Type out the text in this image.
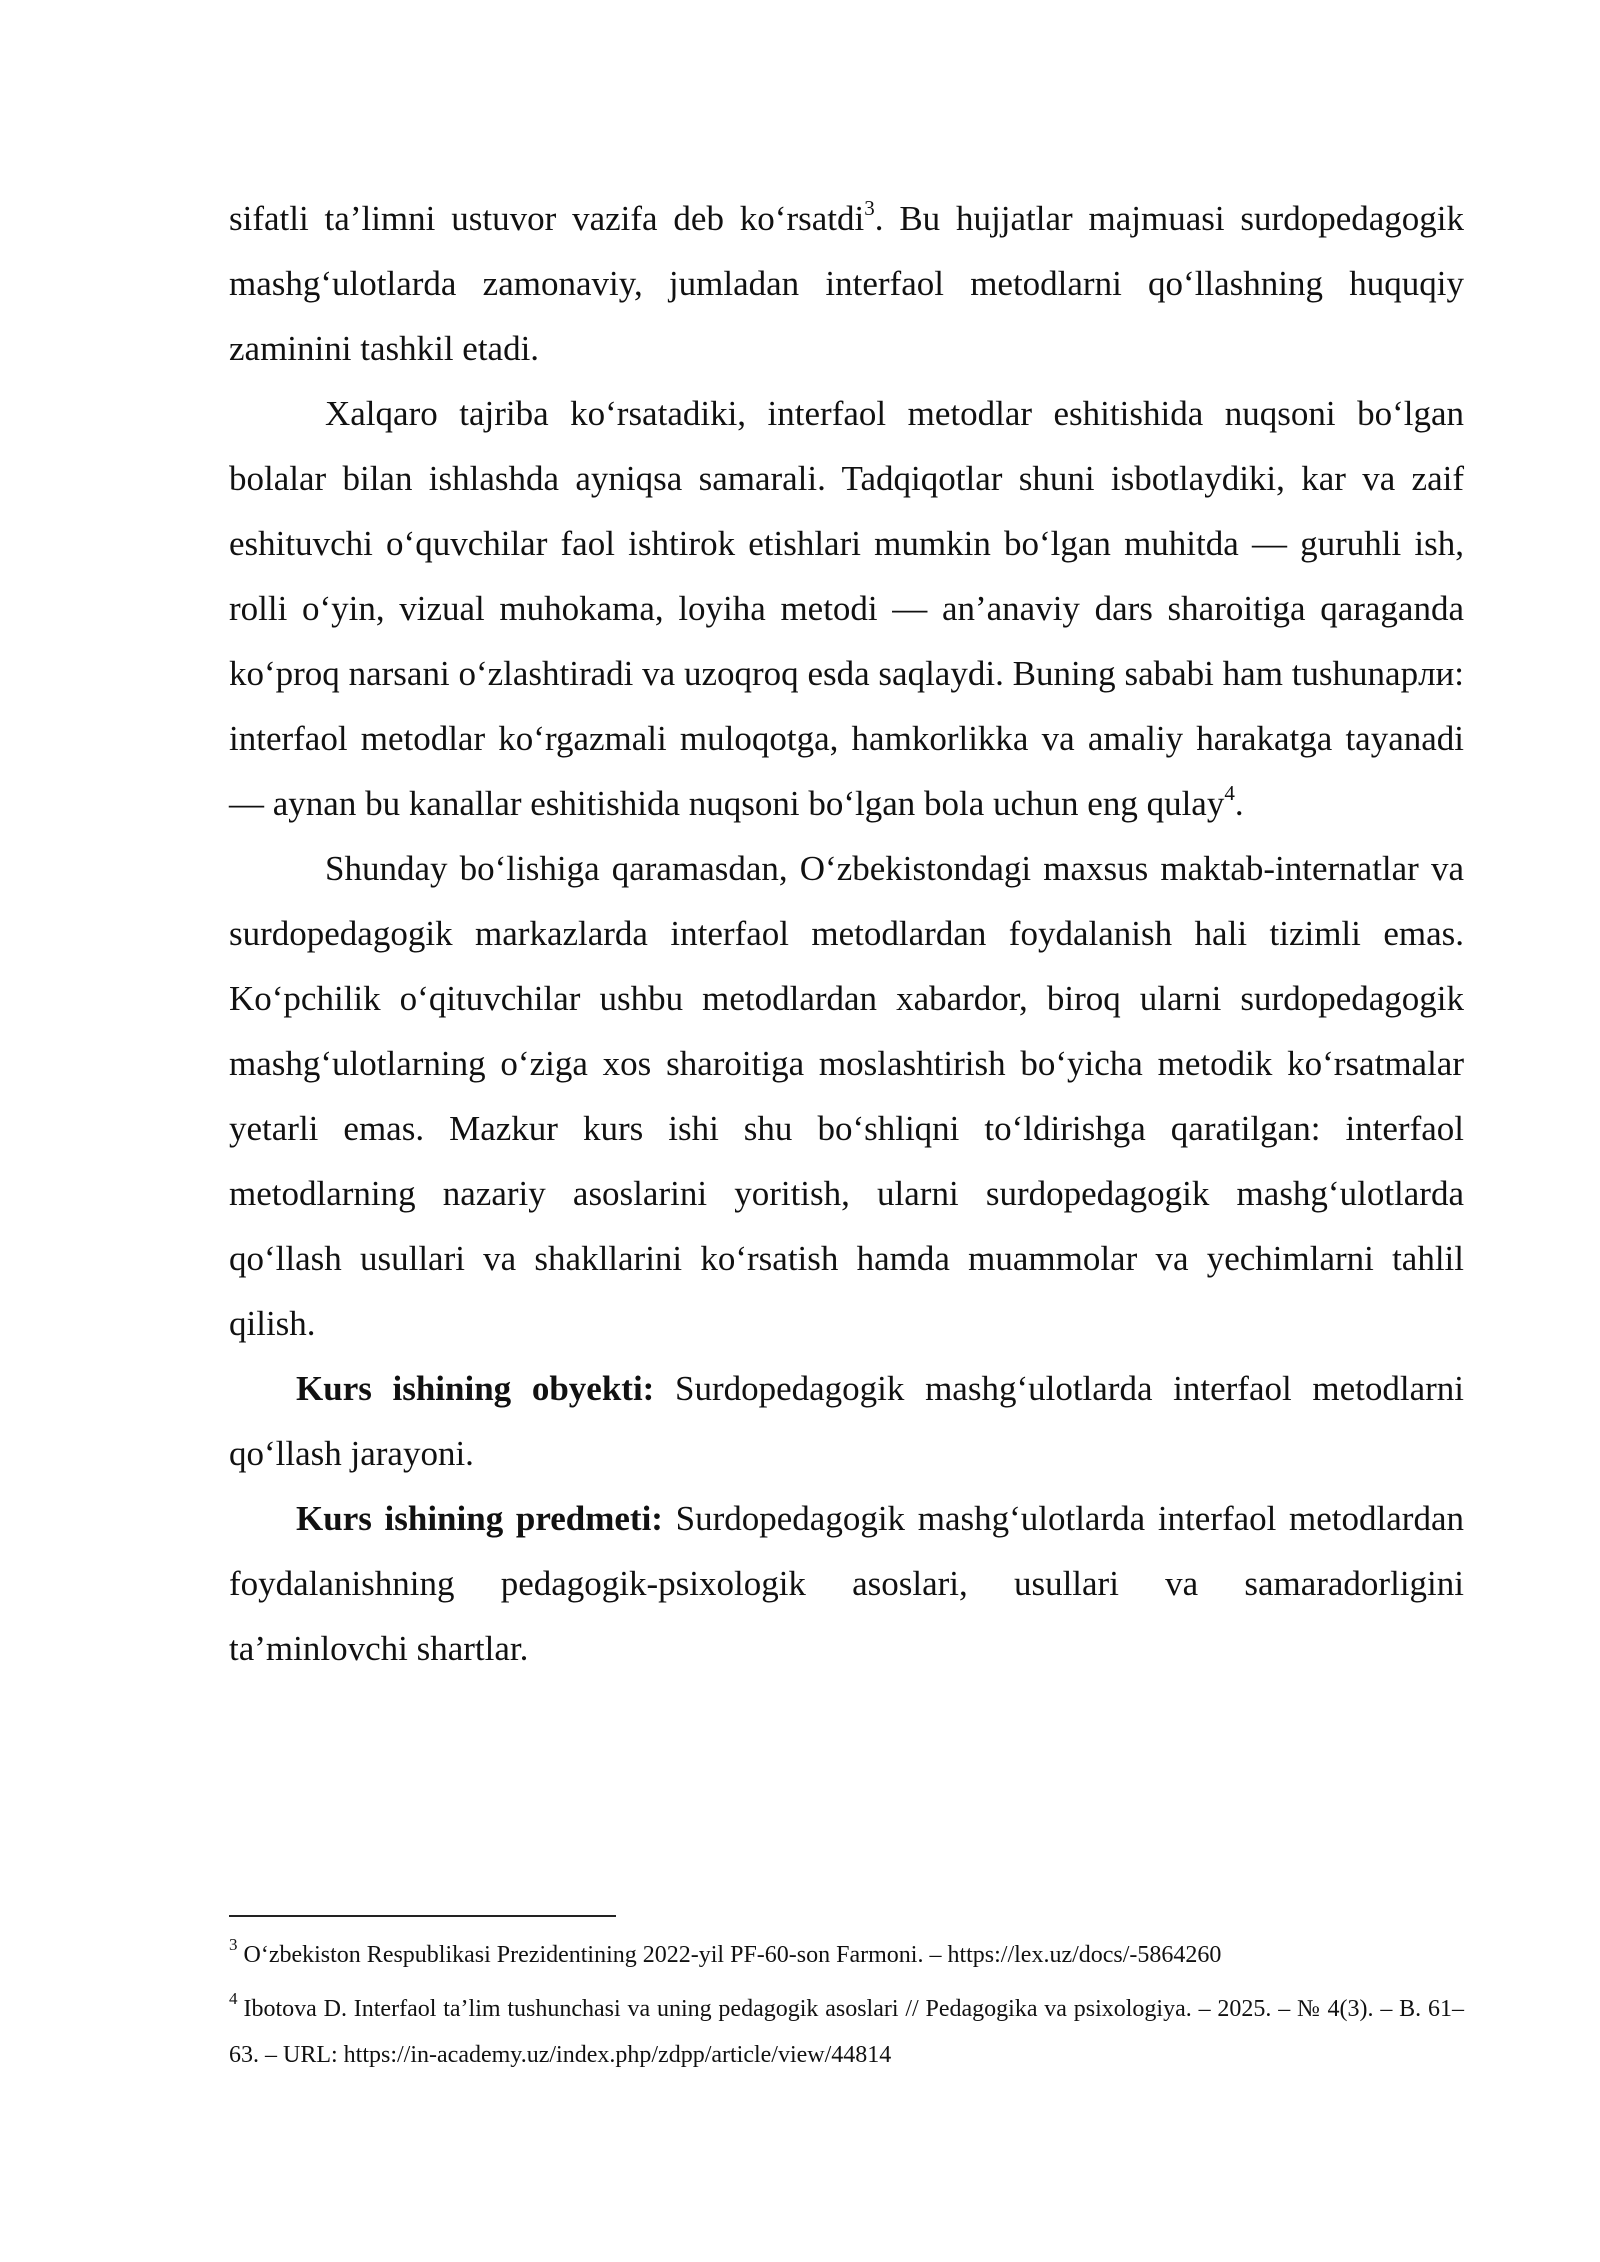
sifatli ta’limni ustuvor vazifa deb ko‘rsatdi$^3$. Bu hujjatlar majmuasi surdopedagogik mashg‘ulotlarda zamonaviy, jumladan interfaol metodlarni qo‘llashning huquqiy zaminini tashkil etadi.

Xalqaro tajriba ko‘rsatadiki, interfaol metodlar eshitishida nuqsoni bo‘lgan bolalar bilan ishlashda ayniqsa samarali. Tadqiqotlar shuni isbotlaydiki, kar va zaif eshituvchi o‘quvchilar faol ishtirok etishlari mumkin bo‘lgan muhitda — guruhli ish, rolli o‘yin, vizual muhokama, loyiha metodi — an’anaviy dars sharoitiga qaraganda ko‘proq narsani o‘zlashtiradi va uzoqroq esda saqlaydi. Buning sababi ham tushunapли: interfaol metodlar ko‘rgazmali muloqotga, hamkorlikka va amaliy harakatga tayanadi — aynan bu kanallar eshitishida nuqsoni bo‘lgan bola uchun eng qulay$^4$.

Shunday bo‘lishiga qaramasdan, O‘zbekistondagi maxsus maktab-internatlar va surdopedagogik markazlarda interfaol metodlardan foydalanish hali tizimli emas. Ko‘pchilik o‘qituvchilar ushbu metodlardan xabardor, biroq ularni surdopedagogik mashg‘ulotlarning o‘ziga xos sharoitiga moslashtirish bo‘yicha metodik ko‘rsatmalar yetarli emas. Mazkur kurs ishi shu bo‘shliqni to‘ldirishga qaratilgan: interfaol metodlarning nazariy asoslarini yoritish, ularni surdopedagogik mashg‘ulotlarda qo‘llash usullari va shakllarini ko‘rsatish hamda muammolar va yechimlarni tahlil qilish.

Kurs ishining obyekti: Surdopedagogik mashg‘ulotlarda interfaol metodlarni qo‘llash jarayoni.

Kurs ishining predmeti: Surdopedagogik mashg‘ulotlarda interfaol metodlardan foydalanishning pedagogik-psixologik asoslari, usullari va samaradorligini ta’minlovchi shartlar.

$^3$ O‘zbekiston Respublikasi Prezidentining 2022-yil PF-60-son Farmoni. – https://lex.uz/docs/-5864260

$^4$ Ibotova D. Interfaol ta’lim tushunchasi va uning pedagogik asoslari // Pedagogika va psixologiya. – 2025. – № 4(3). – B. 61–63. – URL: https://in-academy.uz/index.php/zdpp/article/view/44814
